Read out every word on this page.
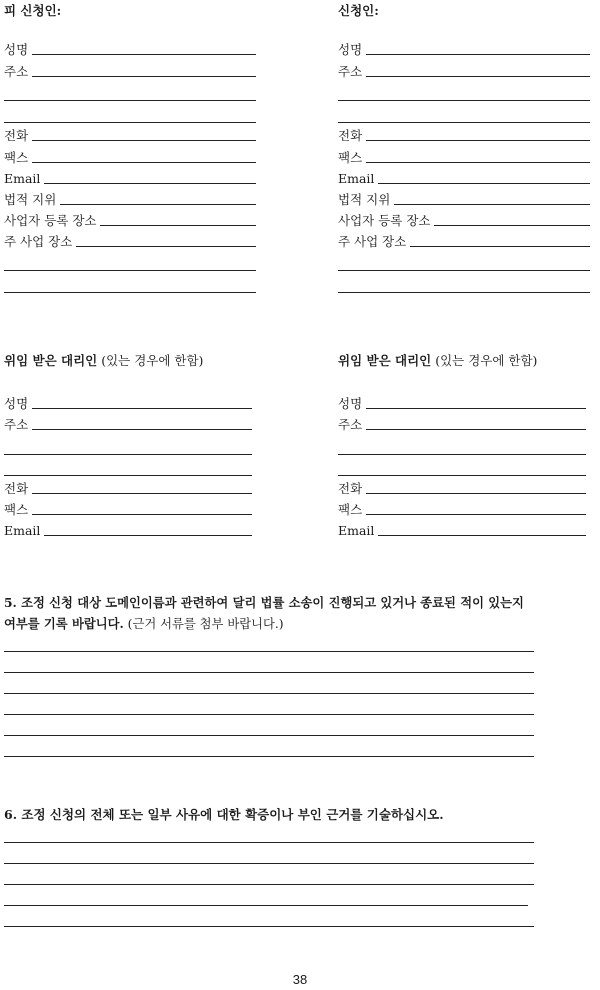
피 신청인:
성명
주소
전화
팩스
Email
법적 지위
사업자 등록 장소
주 사업 장소
신청인:
성명
주소
전화
팩스
Email
법적 지위
사업자 등록 장소
주 사업 장소
위임 받은 대리인 (있는 경우에 한함)
성명
주소
전화
팩스
Email
위임 받은 대리인 (있는 경우에 한함)
성명
주소
전화
팩스
Email
5. 조정 신청 대상 도메인이름과 관련하여 달리 법률 소송이 진행되고 있거나 종료된 적이 있는지
여부를 기록 바랍니다. (근거 서류를 첨부 바랍니다.)
6. 조정 신청의 전체 또는 일부 사유에 대한 확증이나 부인 근거를 기술하십시오.
38
